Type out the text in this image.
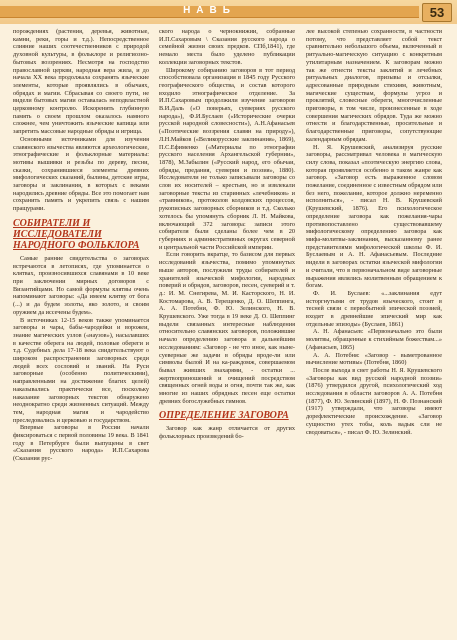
НАВЬ	53

порождениях (растения, деревья, животные, камни, реки, горы и т.д.). Непосредственное слияние наших соотечественников с природой духовной культуры, в фольклоре и религиозно-бытовых воззрениях. Несмотря на господство православной церкви, народная вера жила, и до начала XX века продолжала сохранять языческие элементы, которые проявлялись в обычаях, обрядах и магии. Сбрасывая со своего пути, не видели бытовых магии оставалась неподвластной церковному контролю. Искоренить глубинную память о своем прошлом оказалось намного сложнее, чем уничтожить языческие капища или запретить массовые народные обряды и игрища.

Основными источниками для изучения славянского язычества являются археологические, этнографические и фольклорные материалы: мотивы вышивки и резьбы по дереву, песни, сказки, сохранившиеся элементы древних мифологических сказаний, былины, детские игры, заговоры и заклинания, в которых с веками народились древние обряды. Все это помогает нам сохранить память и укрепить связь с нашим пращурами.

СОБИРАТЕЛИ И ИССЛЕДОВАТЕЛИ НАРОДНОГО ФОЛЬКЛОРА

Самые ранние свидетельства о заговорах встречаются в летописях, где упоминается о клятвах, произносившихся славянами в 10 веке при заключении мирных договоров с Византийцами. Но самой формулы клятвы очень напоминают заговоры: «Да имеем клятву от бога (...) и да будем золоты, яко золото, и своим оружием да иссечены будем».

В источниках 12-15 веков также упоминается заговоры и чары, бабы-чародейки и ворожеи, знание магических узлов («наузов»), насылавших в качестве оберега на людей, половые обереги и т.д. Судебных дела 17-18 века свидетельствуют о широком распространении заговорных среди людей всех сословий и званий. На Руси заговорные (особенно политическими), направленными на достижение благих целей) наказывались практически все, поскольку наказание заговорных текстов обнаружено неоднократно среди жизненных ситуаций. Между тем, народная магия и чародейство преследовались и церковью и государством.

Впервые заговоры в России начали фиксироваться с первой половины 19 века. В 1841 году в Петербурге были выпущены в свет «Сказания русского народа» И.П.Сахарова (Сказания рус-

ского народа о чернокнижии, собранные И.П.Сахаровым \ Сказания русского народа о семейной жизни своих предков. СПб,1841), где немало места было уделено публикации коллекции заговорных текстов.

Широкому собиранию заговоров в тот период способствовала организация в 1845 году Русского географического общества, и состав которого входило этнографическое отделение. За И.П.Сахаровым продолжили изучение заговоров В.И.Даль («О поверьях, суевериях русского народа»), Ф.И.Буслаев («Исторические очерки русской народной словесности»), А.Н.Афанасьев («Поэтические воззрения славян на природу»), Л.Н.Майков («Великорусские заклинания», 1869), П.С.Ефименко («Материалы по этнографии русского населения Архангельской губернии», 1878), М.Забылин («Русский народ, его обычаи, обряды, предания, суеверия и поэзия», 1880). Исследователи не только записывали заговоры со слов их носителей – крестьян, но и извлекали заговорные тексты из старинных «лечебников» и «травников», протоколов колдовских процессов, рукописных заговорных сборников и т.д. Сколько хотелось бы упомянуть сборник Л. Н. Майкова, включающий 372 заговора: записи этого собирателя были сделаны более чем в 20 губерниях и административных округах северной и центральной части Российской империи.

Если говорить вкратце, то базисом для первых исследований язычества, помимо упомянутых выше авторов, послужили труды собирателей и хранителей языческой мифологии, народных поверий и обрядов, заговоров, песен, суеверий и т. д.: И. М. Снегирева, М. И. Касторского, Н. И. Костомарова, А. В. Терещенко, Д. О. Шеппинга, А. А. Потебни, Ф. Ю. Зелинского, Н. В. Крушевского. Уже тогда в 19 веке Д. О. Шеппинг выдели связанных интересные наблюдения относительно славянских заговоров, положившие начало определению заговора и дальнейшим исследованиям: «Заговор - не что иное, как ныне-суеверные же задачи в обряды вроде-ли или символы былой И на ка-раждомж, совершаемом бывал живших знахарями, - остатки ... жертвоприношений и очищений посредством священных огней воды и огня, почти так же, как многие из наших обрядных песен еще остатки древних богослужебных гимнов.

ОПРЕДЕЛЕНИЕ ЗАГОВОРА

Заговор как жанр отличается от других фольклорных произведений бо-

лее высокой степенью сохранности, в частности потому, что представляет собой текст сравнительно небольшого объема, включенный в ритуально-магическую ситуацию с конкретным утилитарным назначением. К заговорам можно так же отнести тексты заклятий и лечебных ритуальных диалогов, призывы и отсылки, адресованные природным стихиям, животным, магические существам, формулы угроз и проклятий, словесные обереги, многочисленные приговоры, в том числе, произнесенные в ходе совершения магических обрядов. Туда же можно отнести и благодарственные, просительные и благодарственные приговоры, сопутствующие календарным обрядам.

Н. Я. Крушевский, анализируя русские заговоры, рассматривал человека в магическую силу слова, показал «поэтическую энергию слова, которая проявляется особенно в таком жанре как заговор. «Заговор есть выраженное словом пожелание, соединенное с известным обрядом или без него, пожелание, которое должно неременно исполниться», - писал Н. В. Крушевский (Крушевский, 1876). Его психологическое определение заговора как пожелания-чары противопоставлено существовавшему мифологическому определению заговора как мифа-молитвы-заклинания, высказанному ранее представителями мифологической школы Ф. И. Буслаевым и А. Н. Афанасьевым. Последние видели в заговорах остатки языческой мифологии и считали, что в первоначальном виде заговорные выражения являлись молитвенным обращением к богам.

Ф. И. Буслаев: «...заклинания едут исторгнутыми от трудов языческого, стоит в тесней связи с первобытной эпической поэзией, входят в древнейшие эпический мир как отдельные эпизоды» (Буслаев, 1861)

А. Н. Афанасьев: «Первоначально это были молитвы, обращенные к стихийным божествам...» (Афанасьев, 1865)

А. А. Потебня: «Заговор - выметрованное вычисление мотивы» (Потебня, 1860)

После выхода в свет работы Н. Я. Крушевского «Заговоры как вид русской народной поэзии» (1876) утвердился другой, психологический ход исследования в области заговоров А. А. Потебня (1877), Ф. Ю. Зелинский (1897), Н. Ф. Познанский (1917) утверждали, что заговоры имеют дорефлектические происхождение. «Заговор сущностно утех тобы, коль вадык сли не сводоваться», - писал Ф. Ю. Зелинский.
